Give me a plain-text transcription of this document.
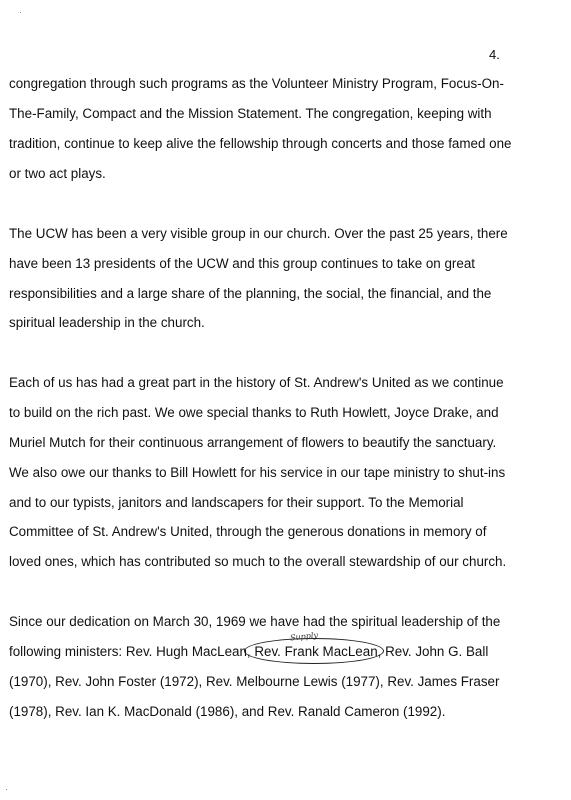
4.
congregation through such programs as the Volunteer Ministry Program, Focus-On-
The-Family, Compact and the Mission Statement. The congregation, keeping with
tradition, continue to keep alive the fellowship through concerts and those famed one
or two act plays.
The UCW has been a very visible group in our church. Over the past 25 years, there
have been 13 presidents of the UCW and this group continues to take on great
responsibilities and a large share of the planning, the social, the financial, and the
spiritual leadership in the church.
Each of us has had a great part in the history of St. Andrew's United as we continue
to build on the rich past. We owe special thanks to Ruth Howlett, Joyce Drake, and
Muriel Mutch for their continuous arrangement of flowers to beautify the sanctuary.
We also owe our thanks to Bill Howlett for his service in our tape ministry to shut-ins
and to our typists, janitors and landscapers for their support. To the Memorial
Committee of St. Andrew's United, through the generous donations in memory of
loved ones, which has contributed so much to the overall stewardship of our church.
Since our dedication on March 30, 1969 we have had the spiritual leadership of the
following ministers: Rev. Hugh MacLean, Rev. Frank MacLean, Rev. John G. Ball
(1970), Rev. John Foster (1972), Rev. Melbourne Lewis (1977), Rev. James Fraser
(1978), Rev. Ian K. MacDonald (1986), and Rev. Ranald Cameron (1992).
Supply
